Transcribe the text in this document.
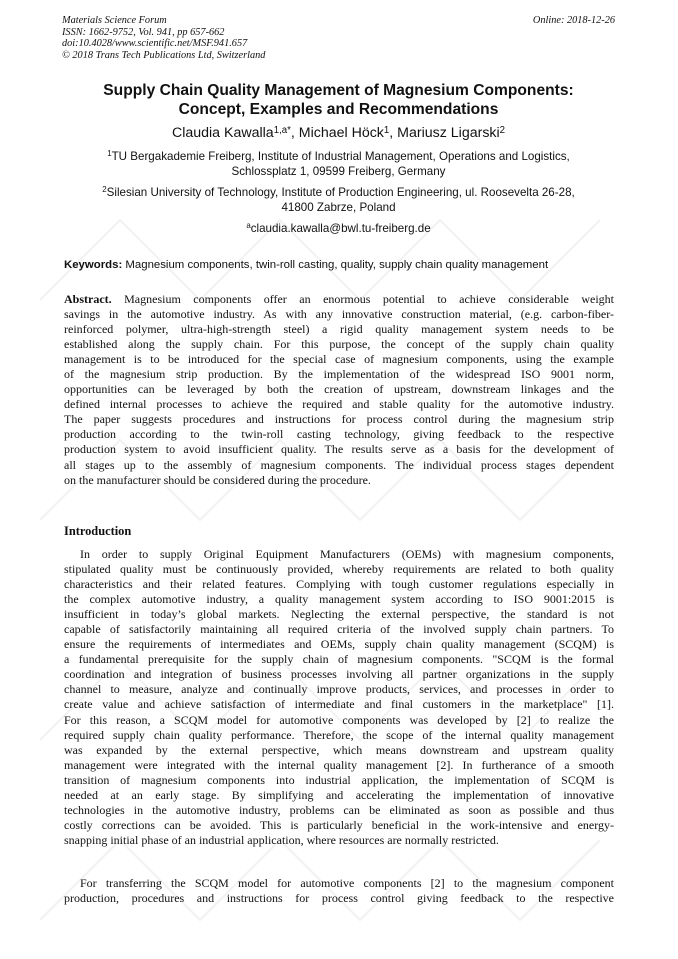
Materials Science Forum
ISSN: 1662-9752, Vol. 941, pp 657-662
doi:10.4028/www.scientific.net/MSF.941.657
© 2018 Trans Tech Publications Ltd, Switzerland
Online: 2018-12-26
Supply Chain Quality Management of Magnesium Components:
Concept, Examples and Recommendations
Claudia Kawalla$^{1,a*}$, Michael Höck$^1$, Mariusz Ligarski$^2$
$^1$TU Bergakademie Freiberg, Institute of Industrial Management, Operations and Logistics,
Schlossplatz 1, 09599 Freiberg, Germany
$^2$Silesian University of Technology, Institute of Production Engineering, ul. Roosevelta 26-28,
41800 Zabrze, Poland
$^a$claudia.kawalla@bwl.tu-freiberg.de
Keywords: Magnesium components, twin-roll casting, quality, supply chain quality management
Abstract. Magnesium components offer an enormous potential to achieve considerable weight
savings in the automotive industry. As with any innovative construction material, (e.g. carbon-fiber-
reinforced polymer, ultra-high-strength steel) a rigid quality management system needs to be
established along the supply chain. For this purpose, the concept of the supply chain quality
management is to be introduced for the special case of magnesium components, using the example
of the magnesium strip production. By the implementation of the widespread ISO 9001 norm,
opportunities can be leveraged by both the creation of upstream, downstream linkages and the
defined internal processes to achieve the required and stable quality for the automotive industry.
The paper suggests procedures and instructions for process control during the magnesium strip
production according to the twin-roll casting technology, giving feedback to the respective
production system to avoid insufficient quality. The results serve as a basis for the development of
all stages up to the assembly of magnesium components. The individual process stages dependent
on the manufacturer should be considered during the procedure.
Introduction
In order to supply Original Equipment Manufacturers (OEMs) with magnesium components,
stipulated quality must be continuously provided, whereby requirements are related to both quality
characteristics and their related features. Complying with tough customer regulations especially in
the complex automotive industry, a quality management system according to ISO 9001:2015 is
insufficient in today’s global markets. Neglecting the external perspective, the standard is not
capable of satisfactorily maintaining all required criteria of the involved supply chain partners. To
ensure the requirements of intermediates and OEMs, supply chain quality management (SCQM) is
a fundamental prerequisite for the supply chain of magnesium components. "SCQM is the formal
coordination and integration of business processes involving all partner organizations in the supply
channel to measure, analyze and continually improve products, services, and processes in order to
create value and achieve satisfaction of intermediate and final customers in the marketplace" [1].
For this reason, a SCQM model for automotive components was developed by [2] to realize the
required supply chain quality performance. Therefore, the scope of the internal quality management
was expanded by the external perspective, which means downstream and upstream quality
management were integrated with the internal quality management [2]. In furtherance of a smooth
transition of magnesium components into industrial application, the implementation of SCQM is
needed at an early stage. By simplifying and accelerating the implementation of innovative
technologies in the automotive industry, problems can be eliminated as soon as possible and thus
costly corrections can be avoided. This is particularly beneficial in the work-intensive and energy-
snapping initial phase of an industrial application, where resources are normally restricted.
For transferring the SCQM model for automotive components [2] to the magnesium component
production, procedures and instructions for process control giving feedback to the respective
